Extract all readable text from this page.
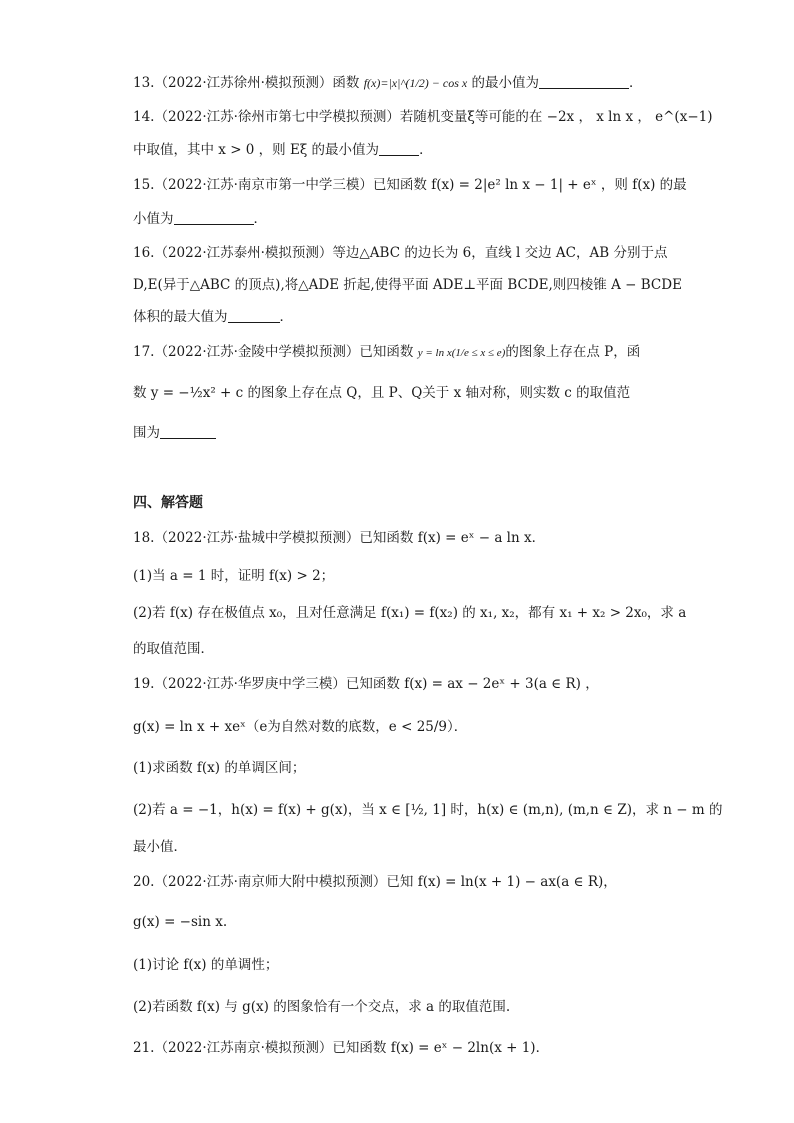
13.（2022·江苏徐州·模拟预测）函数 f(x)=|x|^(1/2) − cos x 的最小值为	．
14.（2022·江苏·徐州市第七中学模拟预测）若随机变量ξ等可能的在 −2x ， x ln x ， e^(x−1)
中取值，其中 x > 0 ，则 Eξ 的最小值为	．
15.（2022·江苏·南京市第一中学三模）已知函数 f(x) = 2|e² ln x − 1| + eˣ ，则 f(x) 的最
小值为	．
16.（2022·江苏泰州·模拟预测）等边△ABC 的边长为 6，直线 l 交边 AC，AB 分别于点
D,E(异于△ABC 的顶点),将△ADE 折起,使得平面 ADE⊥平面 BCDE,则四棱锥 A − BCDE
体积的最大值为	．
17.（2022·江苏·金陵中学模拟预测）已知函数 y = ln x(1/e ≤ x ≤ e)的图象上存在点 P，函
数 y = −½x² + c 的图象上存在点 Q，且 P、Q关于 x 轴对称，则实数 c 的取值范
围为
四、解答题
18.（2022·江苏·盐城中学模拟预测）已知函数 f(x) = eˣ − a ln x．
(1)当 a = 1 时，证明 f(x) > 2；
(2)若 f(x) 存在极值点 x₀，且对任意满足 f(x₁) = f(x₂) 的 x₁, x₂，都有 x₁ + x₂ > 2x₀，求 a
的取值范围．
19.（2022·江苏·华罗庚中学三模）已知函数 f(x) = ax − 2eˣ + 3(a ∈ R) ，
g(x) = ln x + xeˣ（e为自然对数的底数，e < 25/9）．
(1)求函数 f(x) 的单调区间；
(2)若 a = −1，h(x) = f(x) + g(x)，当 x ∈ [½, 1] 时，h(x) ∈ (m,n), (m,n ∈ Z)，求 n − m 的
最小值．
20.（2022·江苏·南京师大附中模拟预测）已知 f(x) = ln(x + 1) − ax(a ∈ R)，
g(x) = −sin x.
(1)讨论 f(x) 的单调性；
(2)若函数 f(x) 与 g(x) 的图象恰有一个交点，求 a 的取值范围.
21.（2022·江苏南京·模拟预测）已知函数 f(x) = eˣ − 2ln(x + 1)．
